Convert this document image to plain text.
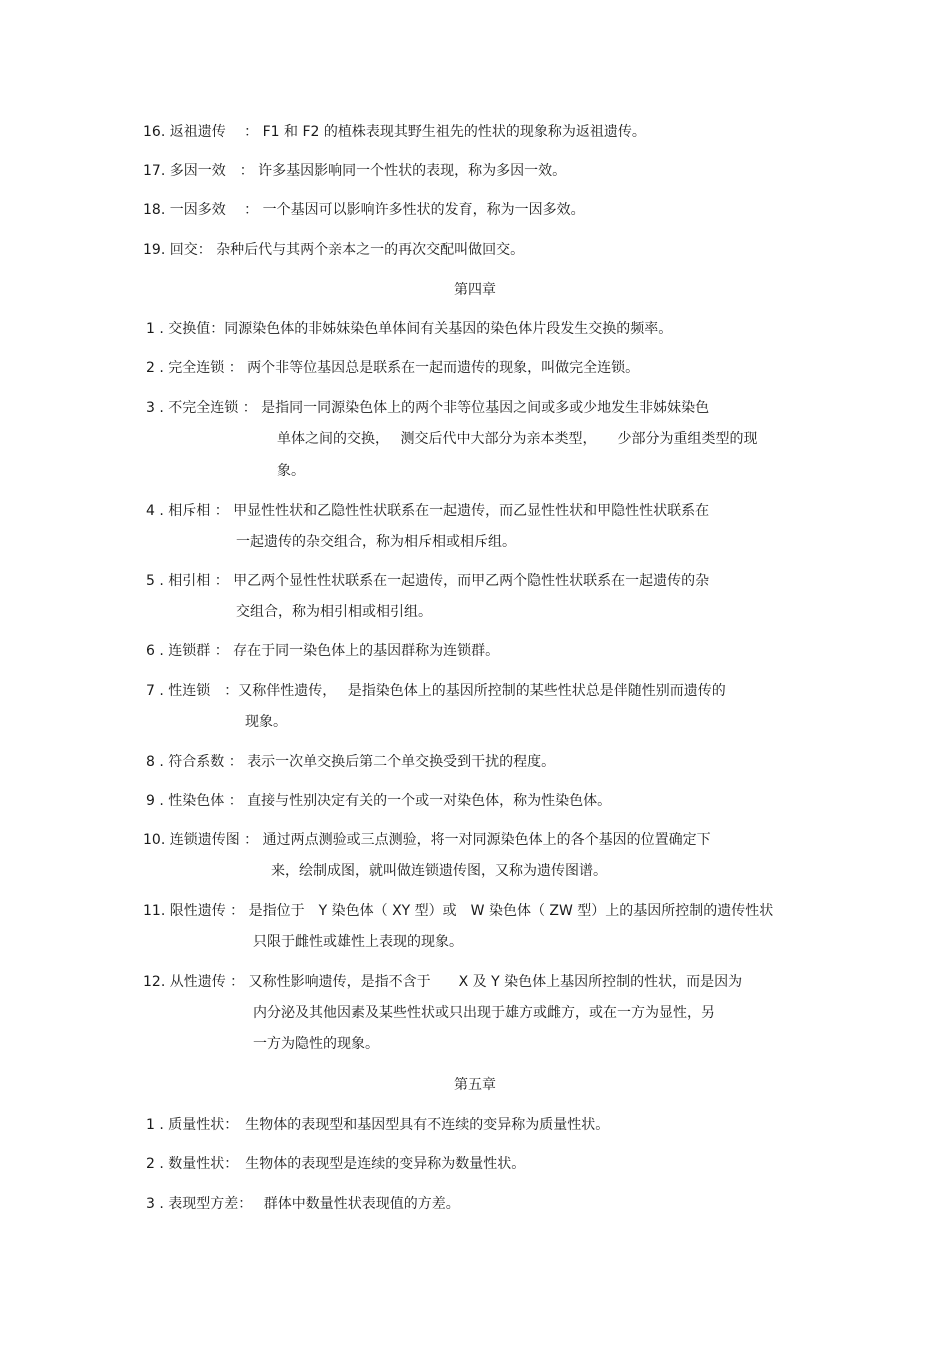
16. 返祖遗传　 ： F1 和 F2 的植株表现其野生祖先的性状的现象称为返祖遗传。
17. 多因一效　： 许多基因影响同一个性状的表现，称为多因一效。
18. 一因多效　 ： 一个基因可以影响许多性状的发育，称为一因多效。
19. 回交： 杂种后代与其两个亲本之一的再次交配叫做回交。
第四章
1 . 交换值：同源染色体的非姊妹染色单体间有关基因的染色体片段发生交换的频率。
2 . 完全连锁 ： 两个非等位基因总是联系在一起而遗传的现象，叫做完全连锁。
3 . 不完全连锁 ： 是指同一同源染色体上的两个非等位基因之间或多或少地发生非姊妹染色
单体之间的交换，　 测交后代中大部分为亲本类型，　　少部分为重组类型的现
象。
4 . 相斥相 ： 甲显性性状和乙隐性性状联系在一起遗传，而乙显性性状和甲隐性性状联系在
一起遗传的杂交组合，称为相斥相或相斥组。
5 . 相引相 ： 甲乙两个显性性状联系在一起遗传，而甲乙两个隐性性状联系在一起遗传的杂
交组合，称为相引相或相引组。
6 . 连锁群 ： 存在于同一染色体上的基因群称为连锁群。
7 . 性连锁　：又称伴性遗传，　 是指染色体上的基因所控制的某些性状总是伴随性别而遗传的
现象。
8 . 符合系数 ： 表示一次单交换后第二个单交换受到干扰的程度。
9 . 性染色体 ： 直接与性别决定有关的一个或一对染色体，称为性染色体。
10. 连锁遗传图 ： 通过两点测验或三点测验，将一对同源染色体上的各个基因的位置确定下
来，绘制成图，就叫做连锁遗传图，又称为遗传图谱。
11. 限性遗传 ： 是指位于　Y 染色体（ XY 型）或　W 染色体（ ZW 型）上的基因所控制的遗传性状
只限于雌性或雄性上表现的现象。
12. 从性遗传 ： 又称性影响遗传，是指不含于　　X 及 Y 染色体上基因所控制的性状，而是因为
内分泌及其他因素及某些性状或只出现于雄方或雌方，或在一方为显性，另
一方为隐性的现象。
第五章
1 . 质量性状：　生物体的表现型和基因型具有不连续的变异称为质量性状。
2 . 数量性状：　生物体的表现型是连续的变异称为数量性状。
3 . 表现型方差：　 群体中数量性状表现值的方差。
